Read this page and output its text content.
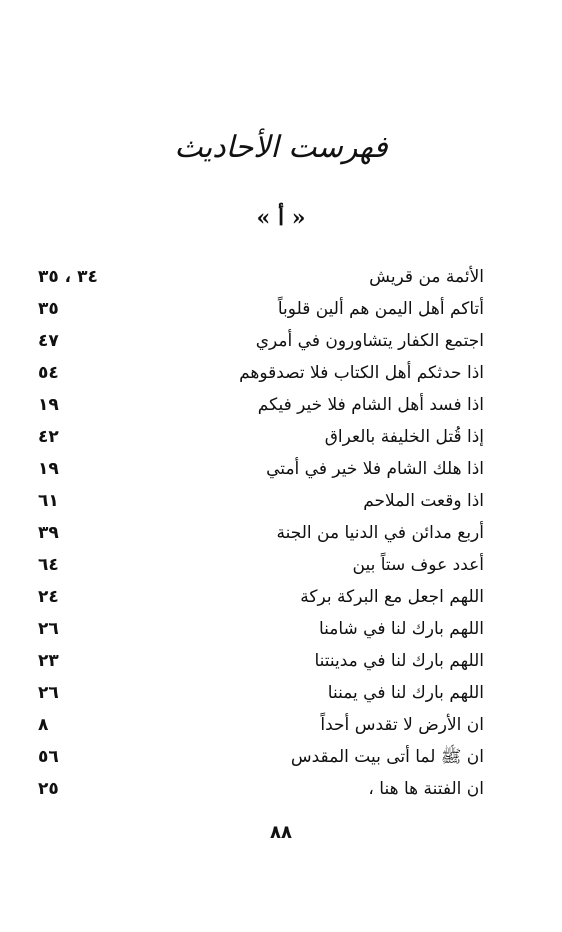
فهرست الأحاديث
« أ »
الأئمة من قريش
٣٤ ، ٣٥
أتاكم أهل اليمن هم ألين قلوباً
٣٥
اجتمع الكفار يتشاورون في أمري
٤٧
اذا حدثكم أهل الكتاب فلا تصدقوهم
٥٤
اذا فسد أهل الشام فلا خير فيكم
١٩
إذا قُتل الخليفة بالعراق
٤٢
اذا هلك الشام فلا خير في أمتي
١٩
اذا وقعت الملاحم
٦١
أربع مدائن في الدنيا من الجنة
٣٩
أعدد عوف ستاً بين
٦٤
اللهم اجعل مع البركة بركة
٢٤
اللهم بارك لنا في شامنا
٢٦
اللهم بارك لنا في مدينتنا
٢٣
اللهم بارك لنا في يمننا
٢٦
ان الأرض لا تقدس أحداً
٨
ان ﷺ لما أتى بيت المقدس
٥٦
ان الفتنة ها هنا ،
٢٥
٨٨
